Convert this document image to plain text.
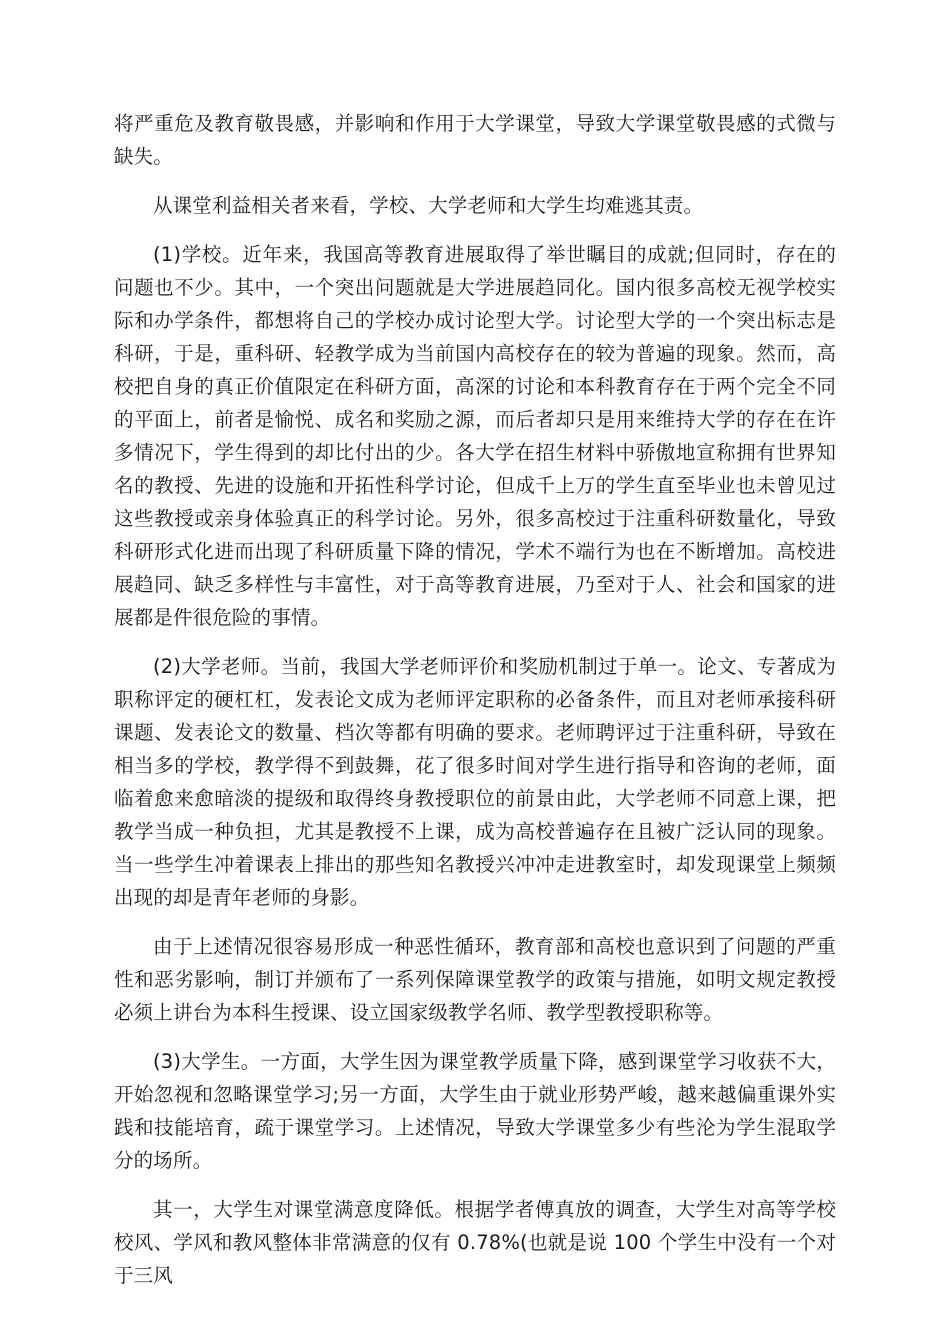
将严重危及教育敬畏感，并影响和作用于大学课堂，导致大学课堂敬畏感的式微与缺失。

从课堂利益相关者来看，学校、大学老师和大学生均难逃其责。

(1)学校。近年来，我国高等教育进展取得了举世瞩目的成就;但同时，存在的问题也不少。其中，一个突出问题就是大学进展趋同化。国内很多高校无视学校实际和办学条件，都想将自己的学校办成讨论型大学。讨论型大学的一个突出标志是科研，于是，重科研、轻教学成为当前国内高校存在的较为普遍的现象。然而，高校把自身的真正价值限定在科研方面，高深的讨论和本科教育存在于两个完全不同的平面上，前者是愉悦、成名和奖励之源，而后者却只是用来维持大学的存在在许多情况下，学生得到的却比付出的少。各大学在招生材料中骄傲地宣称拥有世界知名的教授、先进的设施和开拓性科学讨论，但成千上万的学生直至毕业也未曾见过这些教授或亲身体验真正的科学讨论。另外，很多高校过于注重科研数量化，导致科研形式化进而出现了科研质量下降的情况，学术不端行为也在不断增加。高校进展趋同、缺乏多样性与丰富性，对于高等教育进展，乃至对于人、社会和国家的进展都是件很危险的事情。

(2)大学老师。当前，我国大学老师评价和奖励机制过于单一。论文、专著成为职称评定的硬杠杠，发表论文成为老师评定职称的必备条件，而且对老师承接科研课题、发表论文的数量、档次等都有明确的要求。老师聘评过于注重科研，导致在相当多的学校，教学得不到鼓舞，花了很多时间对学生进行指导和咨询的老师，面临着愈来愈暗淡的提级和取得终身教授职位的前景由此，大学老师不同意上课，把教学当成一种负担，尤其是教授不上课，成为高校普遍存在且被广泛认同的现象。当一些学生冲着课表上排出的那些知名教授兴冲冲走进教室时，却发现课堂上频频出现的却是青年老师的身影。

由于上述情况很容易形成一种恶性循环，教育部和高校也意识到了问题的严重性和恶劣影响，制订并颁布了一系列保障课堂教学的政策与措施，如明文规定教授必须上讲台为本科生授课、设立国家级教学名师、教学型教授职称等。

(3)大学生。一方面，大学生因为课堂教学质量下降，感到课堂学习收获不大，开始忽视和忽略课堂学习;另一方面，大学生由于就业形势严峻，越来越偏重课外实践和技能培育，疏于课堂学习。上述情况，导致大学课堂多少有些沦为学生混取学分的场所。

其一，大学生对课堂满意度降低。根据学者傅真放的调查，大学生对高等学校校风、学风和教风整体非常满意的仅有 0.78%(也就是说 100 个学生中没有一个对于三风
